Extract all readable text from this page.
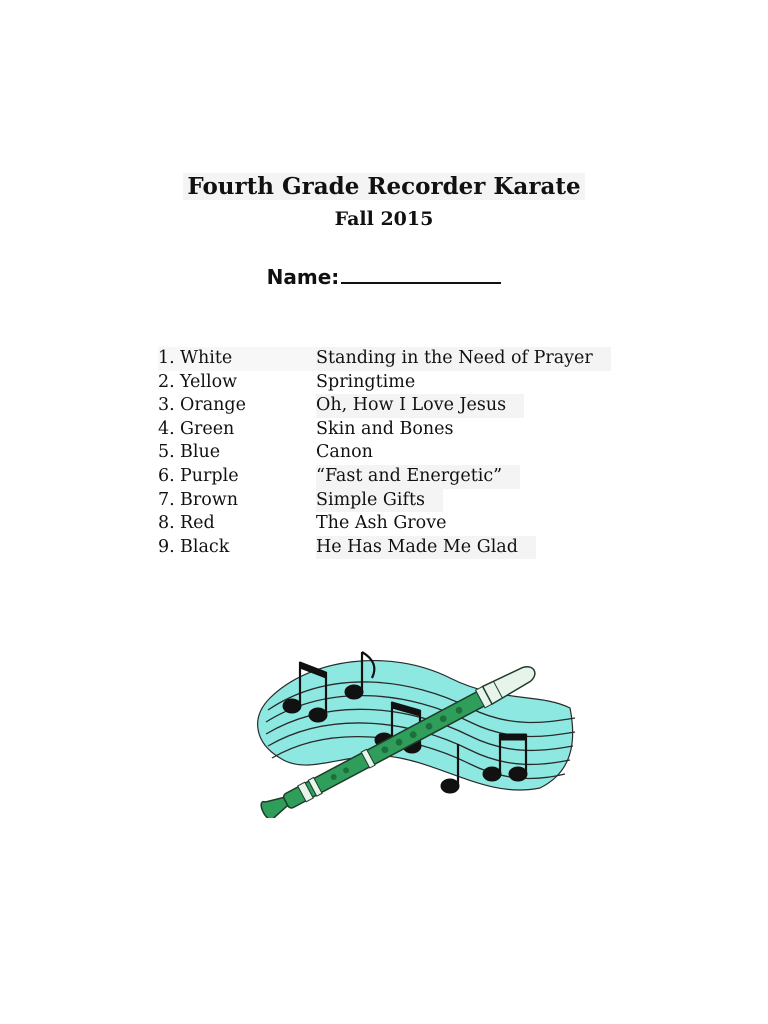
Fourth Grade Recorder Karate
Fall 2015
Name:
1. White	Standing in the Need of Prayer
2. Yellow	Springtime
3. Orange	Oh, How I Love Jesus
4. Green	Skin and Bones
5. Blue	Canon
6. Purple	“Fast and Energetic”
7. Brown	Simple Gifts
8. Red	The Ash Grove
9. Black	He Has Made Me Glad
